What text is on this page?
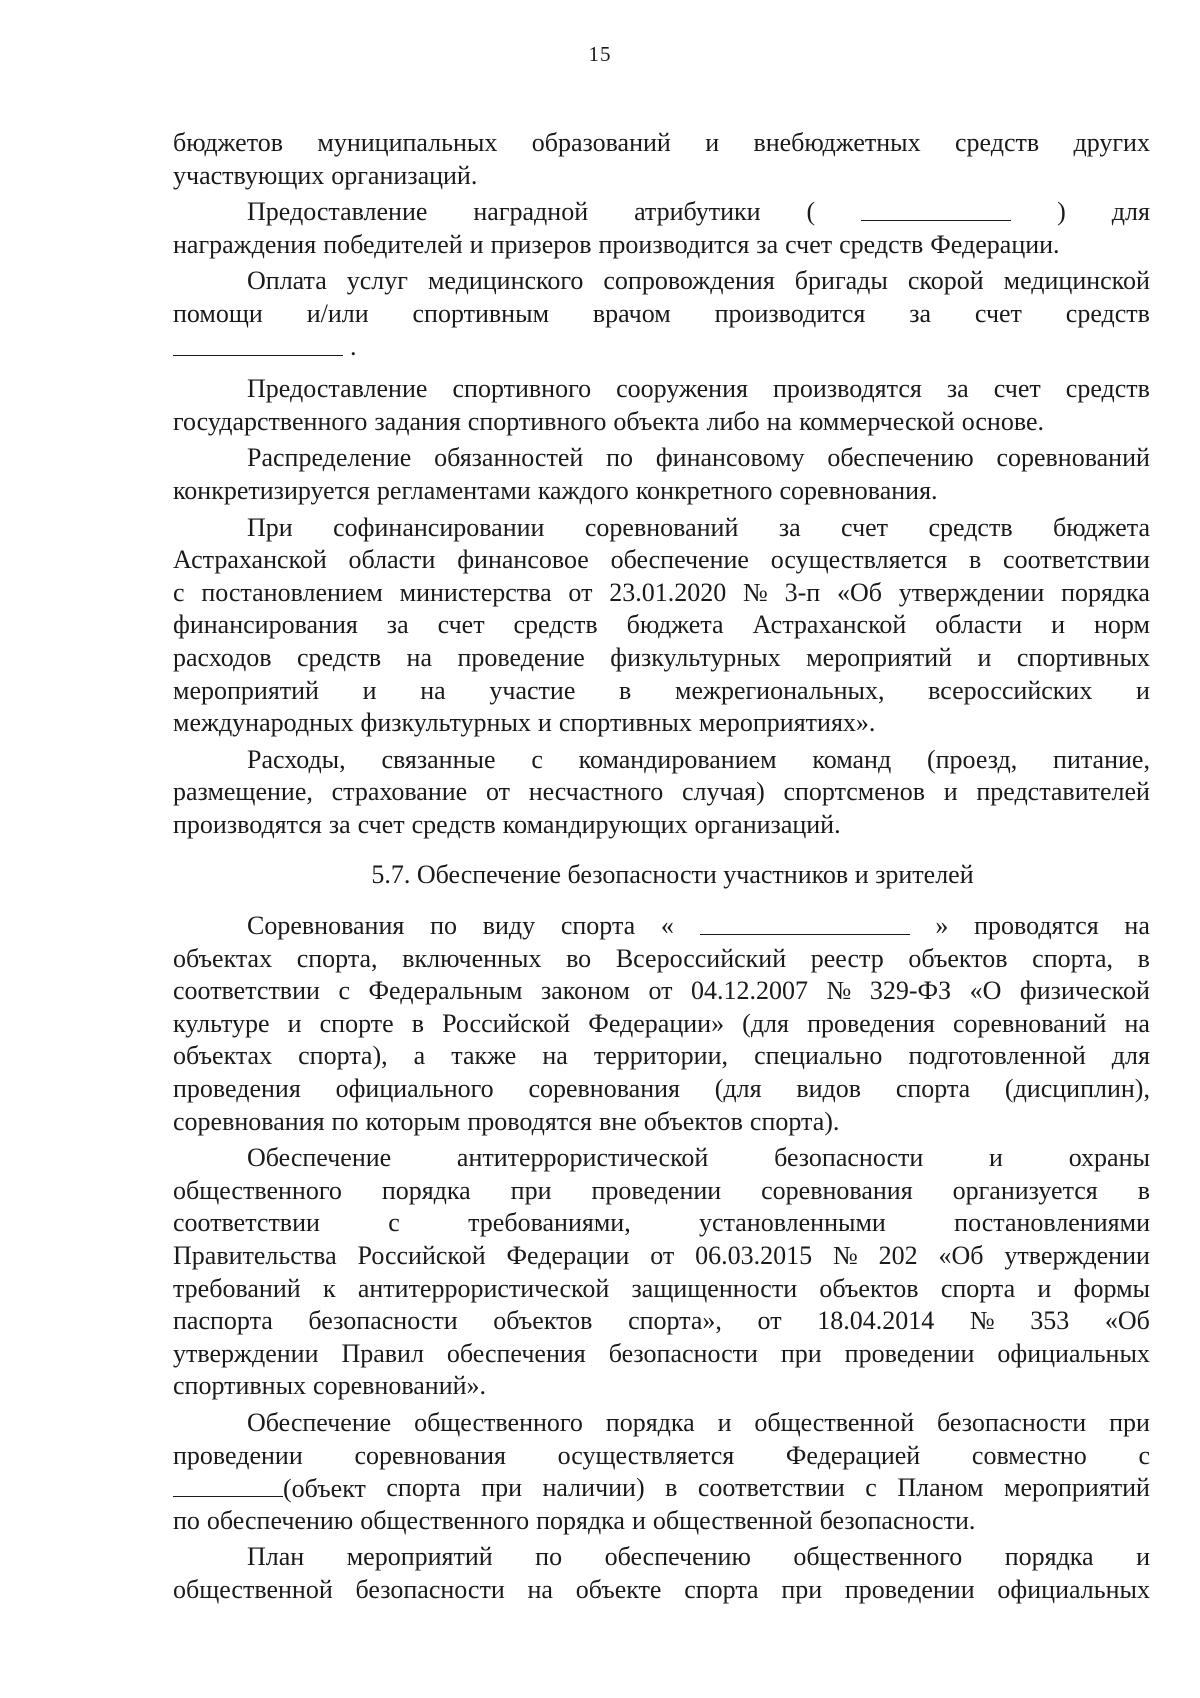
15
бюджетов муниципальных образований и внебюджетных средств других
участвующих организаций.
Предоставление наградной атрибутики (	) для
награждения победителей и призеров производится за счет средств Федерации.
Оплата услуг медицинского сопровождения бригады скорой медицинской
помощи и/или спортивным врачом производится за счет средств
.
Предоставление спортивного сооружения производятся за счет средств
государственного задания спортивного объекта либо на коммерческой основе.
Распределение обязанностей по финансовому обеспечению соревнований
конкретизируется регламентами каждого конкретного соревнования.
При софинансировании соревнований за счет средств бюджета
Астраханской области финансовое обеспечение осуществляется в соответствии
с постановлением министерства от 23.01.2020 № 3-п «Об утверждении порядка
финансирования за счет средств бюджета Астраханской области и норм
расходов средств на проведение физкультурных мероприятий и спортивных
мероприятий и на участие в межрегиональных, всероссийских и
международных физкультурных и спортивных мероприятиях».
Расходы, связанные с командированием команд (проезд, питание,
размещение, страхование от несчастного случая) спортсменов и представителей
производятся за счет средств командирующих организаций.
5.7. Обеспечение безопасности участников и зрителей
Соревнования по виду спорта «	» проводятся на
объектах спорта, включенных во Всероссийский реестр объектов спорта, в
соответствии с Федеральным законом от 04.12.2007 № 329-ФЗ «О физической
культуре и спорте в Российской Федерации» (для проведения соревнований на
объектах спорта), а также на территории, специально подготовленной для
проведения официального соревнования (для видов спорта (дисциплин),
соревнования по которым проводятся вне объектов спорта).
Обеспечение	антитеррористической	безопасности	и	охраны
общественного порядка при проведении соревнования организуется в
соответствии	с	требованиями,	установленными	постановлениями
Правительства Российской Федерации от 06.03.2015 № 202 «Об утверждении
требований к антитеррористической защищенности объектов спорта и формы
паспорта безопасности объектов спорта», от 18.04.2014 № 353 «Об
утверждении Правил обеспечения безопасности при проведении официальных
спортивных соревнований».
Обеспечение общественного порядка и общественной безопасности при
проведении соревнования осуществляется Федерацией совместно с
(объект спорта при наличии) в соответствии с Планом мероприятий
по обеспечению общественного порядка и общественной безопасности.
План мероприятий по обеспечению общественного порядка и
общественной безопасности на объекте спорта при проведении официальных
